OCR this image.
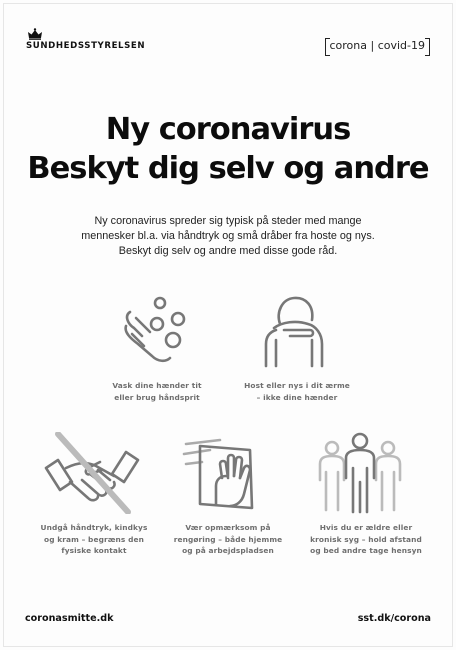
SUNDHEDSSTYRELSEN	corona | covid-19
Ny coronavirus
Beskyt dig selv og andre
Ny coronavirus spreder sig typisk på steder med mange
mennesker bl.a. via håndtryk og små dråber fra hoste og nys.
Beskyt dig selv og andre med disse gode råd.
Vask dine hænder tit
eller brug håndsprit
Host eller nys i dit ærme
– ikke dine hænder
Undgå håndtryk, kindkys
og kram – begræns den
fysiske kontakt
Vær opmærksom på
rengøring – både hjemme
og på arbejdspladsen
Hvis du er ældre eller
kronisk syg – hold afstand
og bed andre tage hensyn
coronasmitte.dk	sst.dk/corona
